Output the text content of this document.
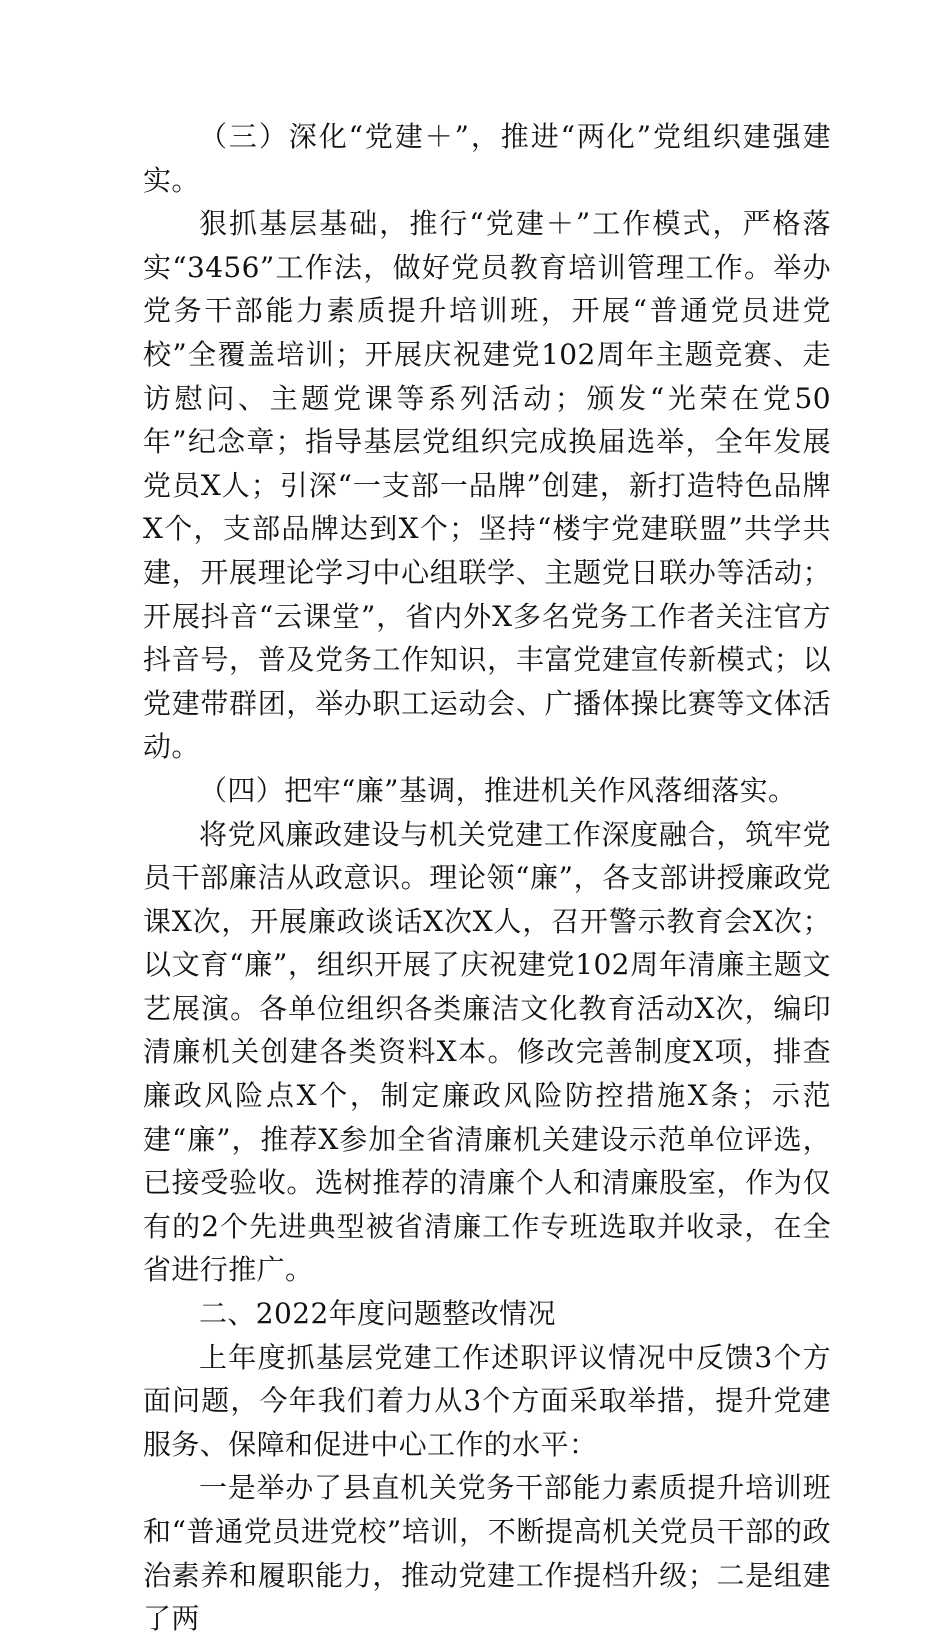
（三）深化“党建＋”，推进“两化”党组织建强建实。

狠抓基层基础，推行“党建＋”工作模式，严格落实“3456”工作法，做好党员教育培训管理工作。举办党务干部能力素质提升培训班，开展“普通党员进党校”全覆盖培训；开展庆祝建党102周年主题竞赛、走访慰问、主题党课等系列活动；颁发“光荣在党50年”纪念章；指导基层党组织完成换届选举，全年发展党员X人；引深“一支部一品牌”创建，新打造特色品牌X个，支部品牌达到X个；坚持“楼宇党建联盟”共学共建，开展理论学习中心组联学、主题党日联办等活动；开展抖音“云课堂”，省内外X多名党务工作者关注官方抖音号，普及党务工作知识，丰富党建宣传新模式；以党建带群团，举办职工运动会、广播体操比赛等文体活动。

（四）把牢“廉”基调，推进机关作风落细落实。

将党风廉政建设与机关党建工作深度融合，筑牢党员干部廉洁从政意识。理论领“廉”，各支部讲授廉政党课X次，开展廉政谈话X次X人，召开警示教育会X次；以文育“廉”，组织开展了庆祝建党102周年清廉主题文艺展演。各单位组织各类廉洁文化教育活动X次，编印清廉机关创建各类资料X本。修改完善制度X项，排查廉政风险点X个，制定廉政风险防控措施X条；示范建“廉”，推荐X参加全省清廉机关建设示范单位评选，已接受验收。选树推荐的清廉个人和清廉股室，作为仅有的2个先进典型被省清廉工作专班选取并收录，在全省进行推广。

二、2022年度问题整改情况

上年度抓基层党建工作述职评议情况中反馈3个方面问题，今年我们着力从3个方面采取举措，提升党建服务、保障和促进中心工作的水平：

一是举办了县直机关党务干部能力素质提升培训班和“普通党员进党校”培训，不断提高机关党员干部的政治素养和履职能力，推动党建工作提档升级；二是组建了两
